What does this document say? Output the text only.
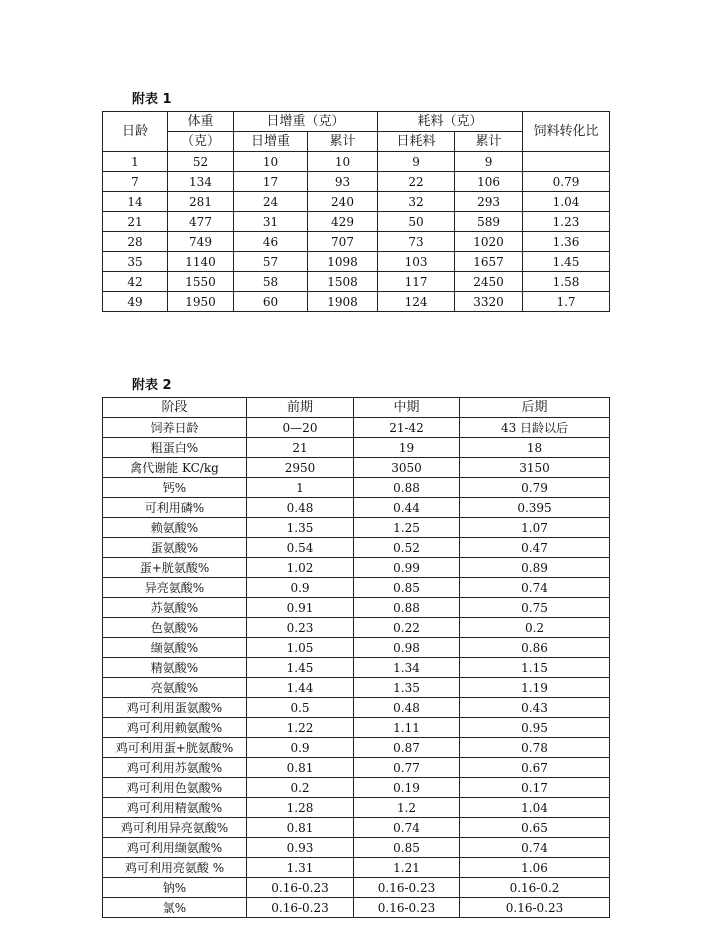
附表 1
日龄	体重	日增重（克）		耗料（克）		饲料转化比
	（克）	日增重	累计	日耗料	累计	
1	52	10	10	9	9	
7	134	17	93	22	106	0.79
14	281	24	240	32	293	1.04
21	477	31	429	50	589	1.23
28	749	46	707	73	1020	1.36
35	1140	57	1098	103	1657	1.45
42	1550	58	1508	117	2450	1.58
49	1950	60	1908	124	3320	1.7
附表 2
阶段	前期	中期	后期
饲养日龄	0—20	21-42	43 日龄以后
粗蛋白%	21	19	18
禽代谢能 KC/kg	2950	3050	3150
钙%	1	0.88	0.79
可利用磷%	0.48	0.44	0.395
赖氨酸%	1.35	1.25	1.07
蛋氨酸%	0.54	0.52	0.47
蛋+胱氨酸%	1.02	0.99	0.89
异亮氨酸%	0.9	0.85	0.74
苏氨酸%	0.91	0.88	0.75
色氨酸%	0.23	0.22	0.2
缬氨酸%	1.05	0.98	0.86
精氨酸%	1.45	1.34	1.15
亮氨酸%	1.44	1.35	1.19
鸡可利用蛋氨酸%	0.5	0.48	0.43
鸡可利用赖氨酸%	1.22	1.11	0.95
鸡可利用蛋+胱氨酸%	0.9	0.87	0.78
鸡可利用苏氨酸%	0.81	0.77	0.67
鸡可利用色氨酸%	0.2	0.19	0.17
鸡可利用精氨酸%	1.28	1.2	1.04
鸡可利用异亮氨酸%	0.81	0.74	0.65
鸡可利用缬氨酸%	0.93	0.85	0.74
鸡可利用亮氨酸 %	1.31	1.21	1.06
钠%	0.16-0.23	0.16-0.23	0.16-0.2
氯%	0.16-0.23	0.16-0.23	0.16-0.23
